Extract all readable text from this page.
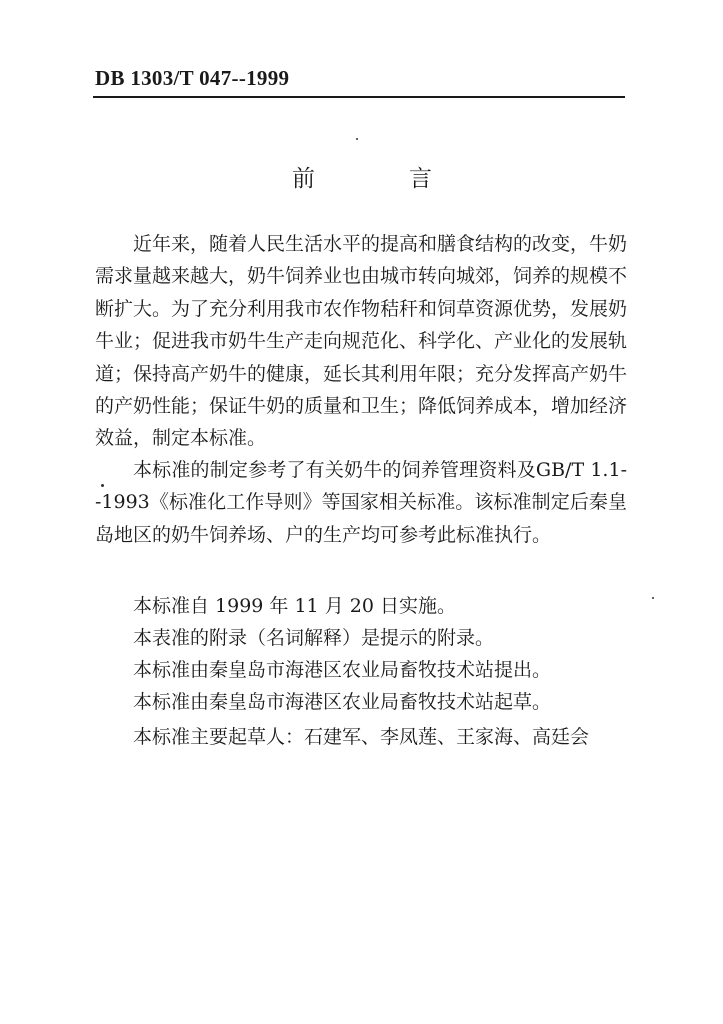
DB 1303/T 047--1999
前	言

近年来，随着人民生活水平的提高和膳食结构的改变，牛奶需求量越来越大，奶牛饲养业也由城市转向城郊，饲养的规模不断扩大。为了充分利用我市农作物秸秆和饲草资源优势，发展奶牛业；促进我市奶牛生产走向规范化、科学化、产业化的发展轨道；保持高产奶牛的健康，延长其利用年限；充分发挥高产奶牛的产奶性能；保证牛奶的质量和卫生；降低饲养成本，增加经济效益，制定本标准。

本标准的制定参考了有关奶牛的饲养管理资料及GB/T 1.1--1993《标准化工作导则》等国家相关标准。该标准制定后秦皇岛地区的奶牛饲养场、户的生产均可参考此标准执行。

本标准自 1999 年 11 月 20 日实施。

本表准的附录（名词解释）是提示的附录。

本标准由秦皇岛市海港区农业局畜牧技术站提出。

本标准由秦皇岛市海港区农业局畜牧技术站起草。

本标准主要起草人：石建军、李凤莲、王家海、高廷会
